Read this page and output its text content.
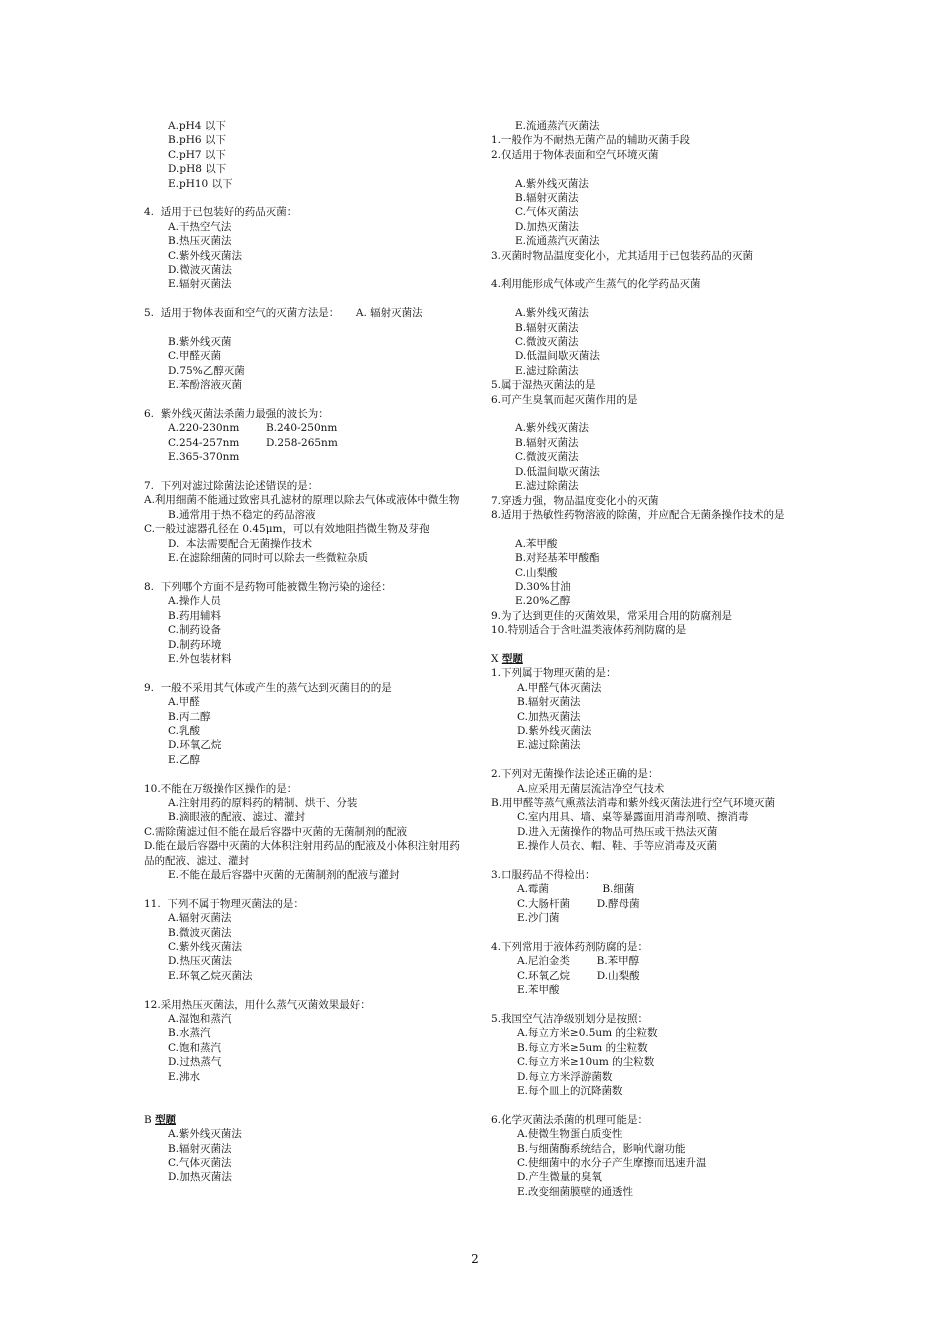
A.pH4 以下
B.pH6 以下
C.pH7 以下
D.pH8 以下
E.pH10 以下
4.  适用于已包装好的药品灭菌：
A.干热空气法
B.热压灭菌法
C.紫外线灭菌法
D.微波灭菌法
E.辐射灭菌法
5.  适用于物体表面和空气的灭菌方法是：     A. 辐射灭菌法
B.紫外线灭菌
C.甲醛灭菌
D.75%乙醇灭菌
E.苯酚溶液灭菌
6.  紫外线灭菌法杀菌力最强的波长为：
A.220-230nm        B.240-250nm
C.254-257nm        D.258-265nm
E.365-370nm
7.  下列对滤过除菌法论述错误的是：
A.利用细菌不能通过致密具孔滤材的原理以除去气体或液体中微生物
B.通常用于热不稳定的药品溶液
C.一般过滤器孔径在 0.45μm，可以有效地阻挡微生物及芽孢
D.  本法需要配合无菌操作技术
E.在滤除细菌的同时可以除去一些微粒杂质
8.  下列哪个方面不是药物可能被微生物污染的途径：
A.操作人员
B.药用辅料
C.制药设备
D.制药环境
E.外包装材料
9.  一般不采用其气体或产生的蒸气达到灭菌目的的是
A.甲醛
B.丙二醇
C.乳酸
D.环氧乙烷
E.乙醇
10.不能在万级操作区操作的是：
A.注射用药的原料药的精制、烘干、分装
B.滴眼液的配液、滤过、灌封
C.需除菌滤过但不能在最后容器中灭菌的无菌制剂的配液
D.能在最后容器中灭菌的大体积注射用药品的配液及小体积注射用药品的配液、滤过、灌封
E.不能在最后容器中灭菌的无菌制剂的配液与灌封
11.  下列不属于物理灭菌法的是：
A.辐射灭菌法
B.微波灭菌法
C.紫外线灭菌法
D.热压灭菌法
E.环氧乙烷灭菌法
12.采用热压灭菌法，用什么蒸气灭菌效果最好：
A.湿饱和蒸汽
B.水蒸汽
C.饱和蒸汽
D.过热蒸气
E.沸水
B 型题
A.紫外线灭菌法
B.辐射灭菌法
C.气体灭菌法
D.加热灭菌法
E.流通蒸汽灭菌法
1.一般作为不耐热无菌产品的辅助灭菌手段
2.仅适用于物体表面和空气环境灭菌
A.紫外线灭菌法
B.辐射灭菌法
C.气体灭菌法
D.加热灭菌法
E.流通蒸汽灭菌法
3.灭菌时物品温度变化小，尤其适用于已包装药品的灭菌
4.利用能形成气体或产生蒸气的化学药品灭菌
A.紫外线灭菌法
B.辐射灭菌法
C.微波灭菌法
D.低温间歇灭菌法
E.滤过除菌法
5.属于湿热灭菌法的是
6.可产生臭氧而起灭菌作用的是
A.紫外线灭菌法
B.辐射灭菌法
C.微波灭菌法
D.低温间歇灭菌法
E.滤过除菌法
7.穿透力强，物品温度变化小的灭菌
8.适用于热敏性药物溶液的除菌，并应配合无菌条操作技术的是
A.苯甲酸
B.对羟基苯甲酸酯
C.山梨酸
D.30%甘油
E.20%乙醇
9.为了达到更佳的灭菌效果，常采用合用的防腐剂是
10.特别适合于含吐温类液体药剂防腐的是
X 型题
1.下列属于物理灭菌的是：
A.甲醛气体灭菌法
B.辐射灭菌法
C.加热灭菌法
D.紫外线灭菌法
E.滤过除菌法
2.下列对无菌操作法论述正确的是：
A.应采用无菌层流洁净空气技术
B.用甲醛等蒸气熏蒸法消毒和紫外线灭菌法进行空气环境灭菌
C.室内用具、墙、桌等暴露面用消毒剂喷、擦消毒
D.进入无菌操作的物品可热压或干热法灭菌
E.操作人员衣、帽、鞋、手等应消毒及灭菌
3.口服药品不得检出：
A.霉菌                B.细菌
C.大肠杆菌        D.酵母菌
E.沙门菌
4.下列常用于液体药剂防腐的是：
A.尼泊金类        B.苯甲醇
C.环氧乙烷        D.山梨酸
E.苯甲酸
5.我国空气洁净级别划分是按照：
A.每立方米≥0.5um 的尘粒数
B.每立方米≥5um 的尘粒数
C.每立方米≥10um 的尘粒数
D.每立方米浮游菌数
E.每个皿上的沉降菌数
6.化学灭菌法杀菌的机理可能是：
A.使微生物蛋白质变性
B.与细菌酶系统结合，影响代谢功能
C.使细菌中的水分子产生摩擦而迅速升温
D.产生微量的臭氧
E.改变细菌膜壁的通透性
2
